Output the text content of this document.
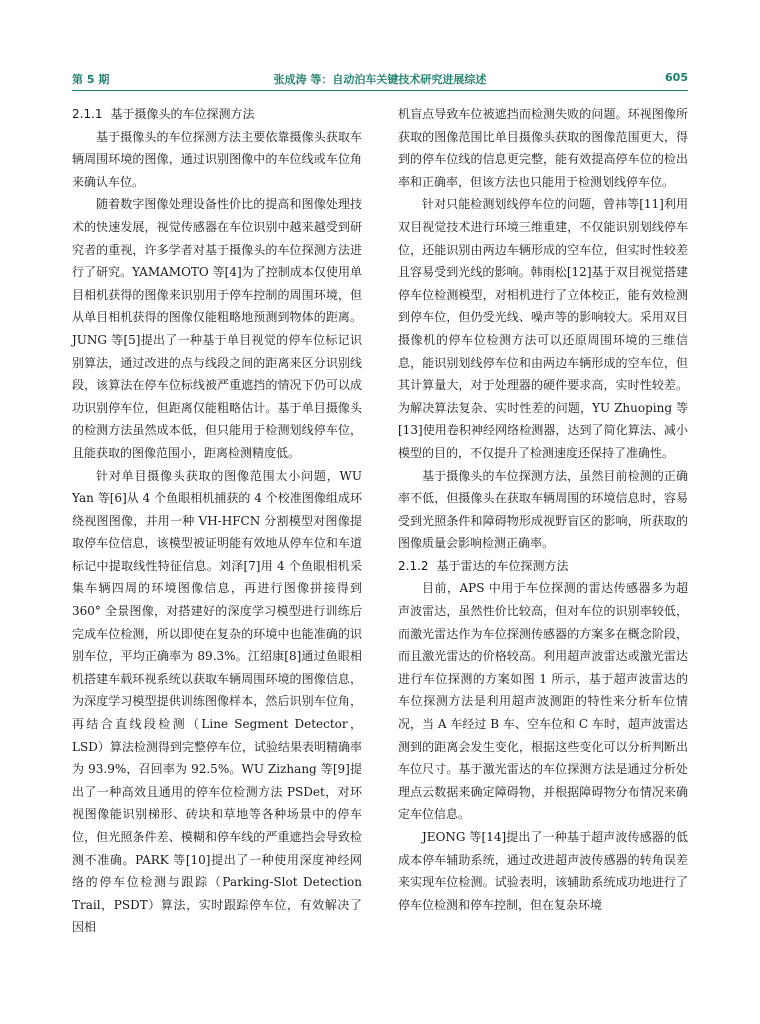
第 5 期	张成涛 等：自动泊车关键技术研究进展综述	605
2.1.1 基于摄像头的车位探测方法

基于摄像头的车位探测方法主要依靠摄像头获取车辆周围环境的图像，通过识别图像中的车位线或车位角来确认车位。

随着数字图像处理设备性价比的提高和图像处理技术的快速发展，视觉传感器在车位识别中越来越受到研究者的重视，许多学者对基于摄像头的车位探测方法进行了研究。YAMAMOTO 等[4]为了控制成本仅使用单目相机获得的图像来识别用于停车控制的周围环境，但从单目相机获得的图像仅能粗略地预测到物体的距离。JUNG 等[5]提出了一种基于单目视觉的停车位标记识别算法，通过改进的点与线段之间的距离来区分识别线段，该算法在停车位标线被严重遮挡的情况下仍可以成功识别停车位，但距离仅能粗略估计。基于单目摄像头的检测方法虽然成本低，但只能用于检测划线停车位，且能获取的图像范围小，距离检测精度低。

针对单目摄像头获取的图像范围太小问题，WU Yan 等[6]从 4 个鱼眼相机捕获的 4 个校准图像组成环绕视图图像，并用一种 VH-HFCN 分割模型对图像提取停车位信息，该模型被证明能有效地从停车位和车道标记中提取线性特征信息。刘泽[7]用 4 个鱼眼相机采集车辆四周的环境图像信息，再进行图像拼接得到 360° 全景图像，对搭建好的深度学习模型进行训练后完成车位检测，所以即使在复杂的环境中也能准确的识别车位，平均正确率为 89.3%。江绍康[8]通过鱼眼相机搭建车载环视系统以获取车辆周围环境的图像信息，为深度学习模型提供训练图像样本，然后识别车位角，再结合直线段检测（Line Segment Detector，LSD）算法检测得到完整停车位，试验结果表明精确率为 93.9%，召回率为 92.5%。WU Zizhang 等[9]提出了一种高效且通用的停车位检测方法 PSDet，对环视图像能识别梯形、砖块和草地等各种场景中的停车位，但光照条件差、模糊和停车线的严重遮挡会导致检测不准确。PARK 等[10]提出了一种使用深度神经网络的停车位检测与跟踪（Parking-Slot Detection Trail，PSDT）算法，实时跟踪停车位，有效解决了因相

机盲点导致车位被遮挡而检测失败的问题。环视图像所获取的图像范围比单目摄像头获取的图像范围更大，得到的停车位线的信息更完整，能有效提高停车位的检出率和正确率，但该方法也只能用于检测划线停车位。

针对只能检测划线停车位的问题，曾祎等[11]利用双目视觉技术进行环境三维重建，不仅能识别划线停车位，还能识别由两边车辆形成的空车位，但实时性较差且容易受到光线的影响。韩雨松[12]基于双目视觉搭建停车位检测模型，对相机进行了立体校正，能有效检测到停车位，但仍受光线、噪声等的影响较大。采用双目摄像机的停车位检测方法可以还原周围环境的三维信息，能识别划线停车位和由两边车辆形成的空车位，但其计算量大，对于处理器的硬件要求高，实时性较差。为解决算法复杂、实时性差的问题，YU Zhuoping 等[13]使用卷积神经网络检测器，达到了简化算法、减小模型的目的，不仅提升了检测速度还保持了准确性。

基于摄像头的车位探测方法，虽然目前检测的正确率不低，但摄像头在获取车辆周围的环境信息时，容易受到光照条件和障碍物形成视野盲区的影响，所获取的图像质量会影响检测正确率。

2.1.2 基于雷达的车位探测方法

目前，APS 中用于车位探测的雷达传感器多为超声波雷达，虽然性价比较高，但对车位的识别率较低，而激光雷达作为车位探测传感器的方案多在概念阶段，而且激光雷达的价格较高。利用超声波雷达或激光雷达进行车位探测的方案如图 1 所示，基于超声波雷达的车位探测方法是利用超声波测距的特性来分析车位情况，当 A 车经过 B 车、空车位和 C 车时，超声波雷达测到的距离会发生变化，根据这些变化可以分析判断出车位尺寸。基于激光雷达的车位探测方法是通过分析处理点云数据来确定障碍物，并根据障碍物分布情况来确定车位信息。

JEONG 等[14]提出了一种基于超声波传感器的低成本停车辅助系统，通过改进超声波传感器的转角误差来实现车位检测。试验表明，该辅助系统成功地进行了停车位检测和停车控制，但在复杂环境
